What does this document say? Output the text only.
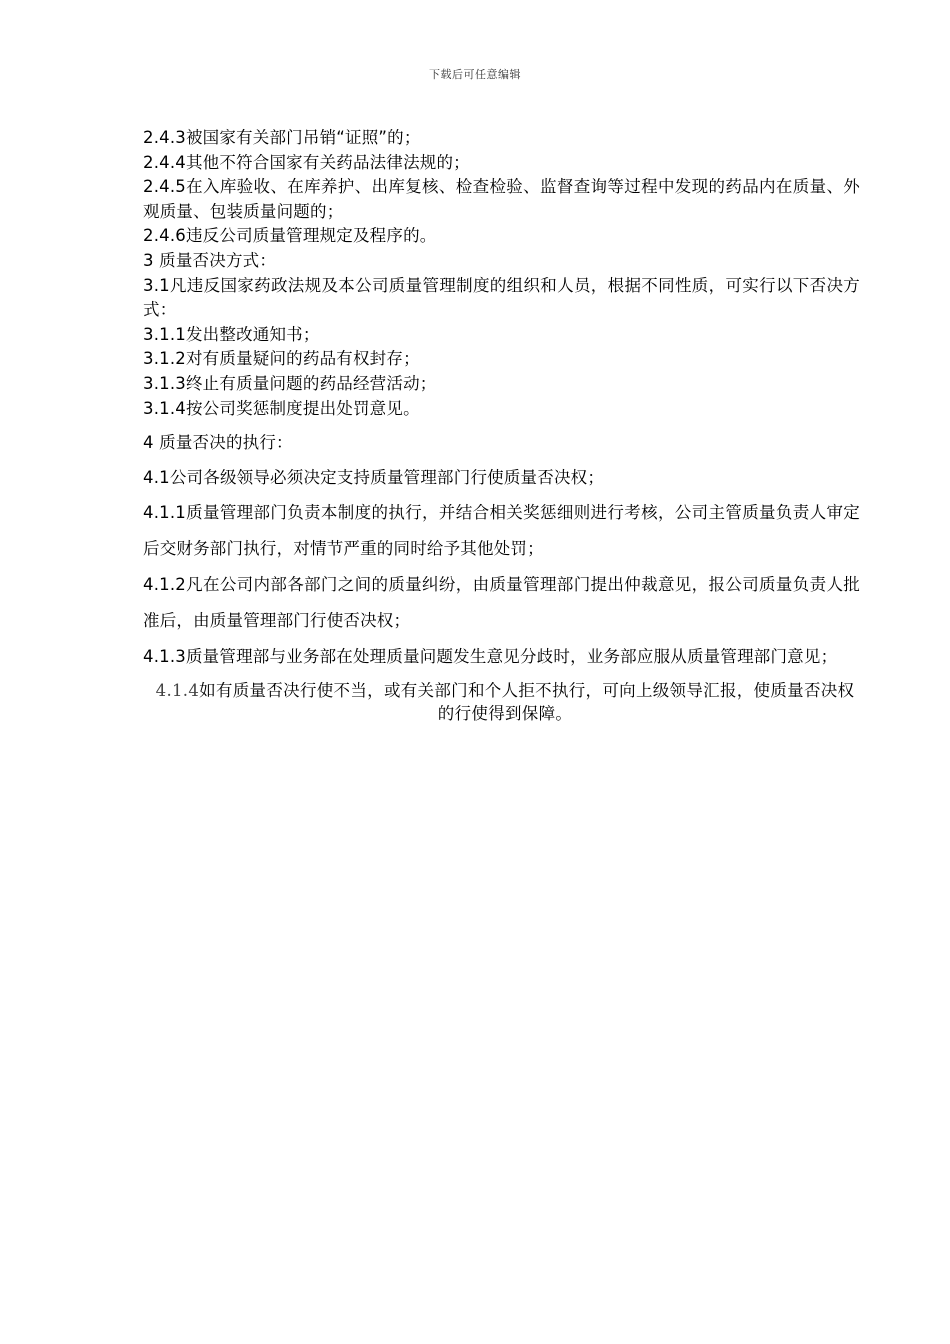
下载后可任意编辑
2.4.3被国家有关部门吊销“证照”的；
2.4.4其他不符合国家有关药品法律法规的；
2.4.5在入库验收、在库养护、出库复核、检查检验、监督查询等过程中发现的药品内在质量、外观质量、包装质量问题的；
2.4.6违反公司质量管理规定及程序的。
3 质量否决方式：
3.1凡违反国家药政法规及本公司质量管理制度的组织和人员，根据不同性质，可实行以下否决方式：
3.1.1发出整改通知书；
3.1.2对有质量疑问的药品有权封存；
3.1.3终止有质量问题的药品经营活动；
3.1.4按公司奖惩制度提出处罚意见。
4 质量否决的执行：
4.1公司各级领导必须决定支持质量管理部门行使质量否决权；
4.1.1质量管理部门负责本制度的执行，并结合相关奖惩细则进行考核，公司主管质量负责人审定后交财务部门执行，对情节严重的同时给予其他处罚；
4.1.2凡在公司内部各部门之间的质量纠纷，由质量管理部门提出仲裁意见，报公司质量负责人批准后，由质量管理部门行使否决权；
4.1.3质量管理部与业务部在处理质量问题发生意见分歧时，业务部应服从质量管理部门意见；
4.1.4如有质量否决行使不当，或有关部门和个人拒不执行，可向上级领导汇报，使质量否决权的行使得到保障。
